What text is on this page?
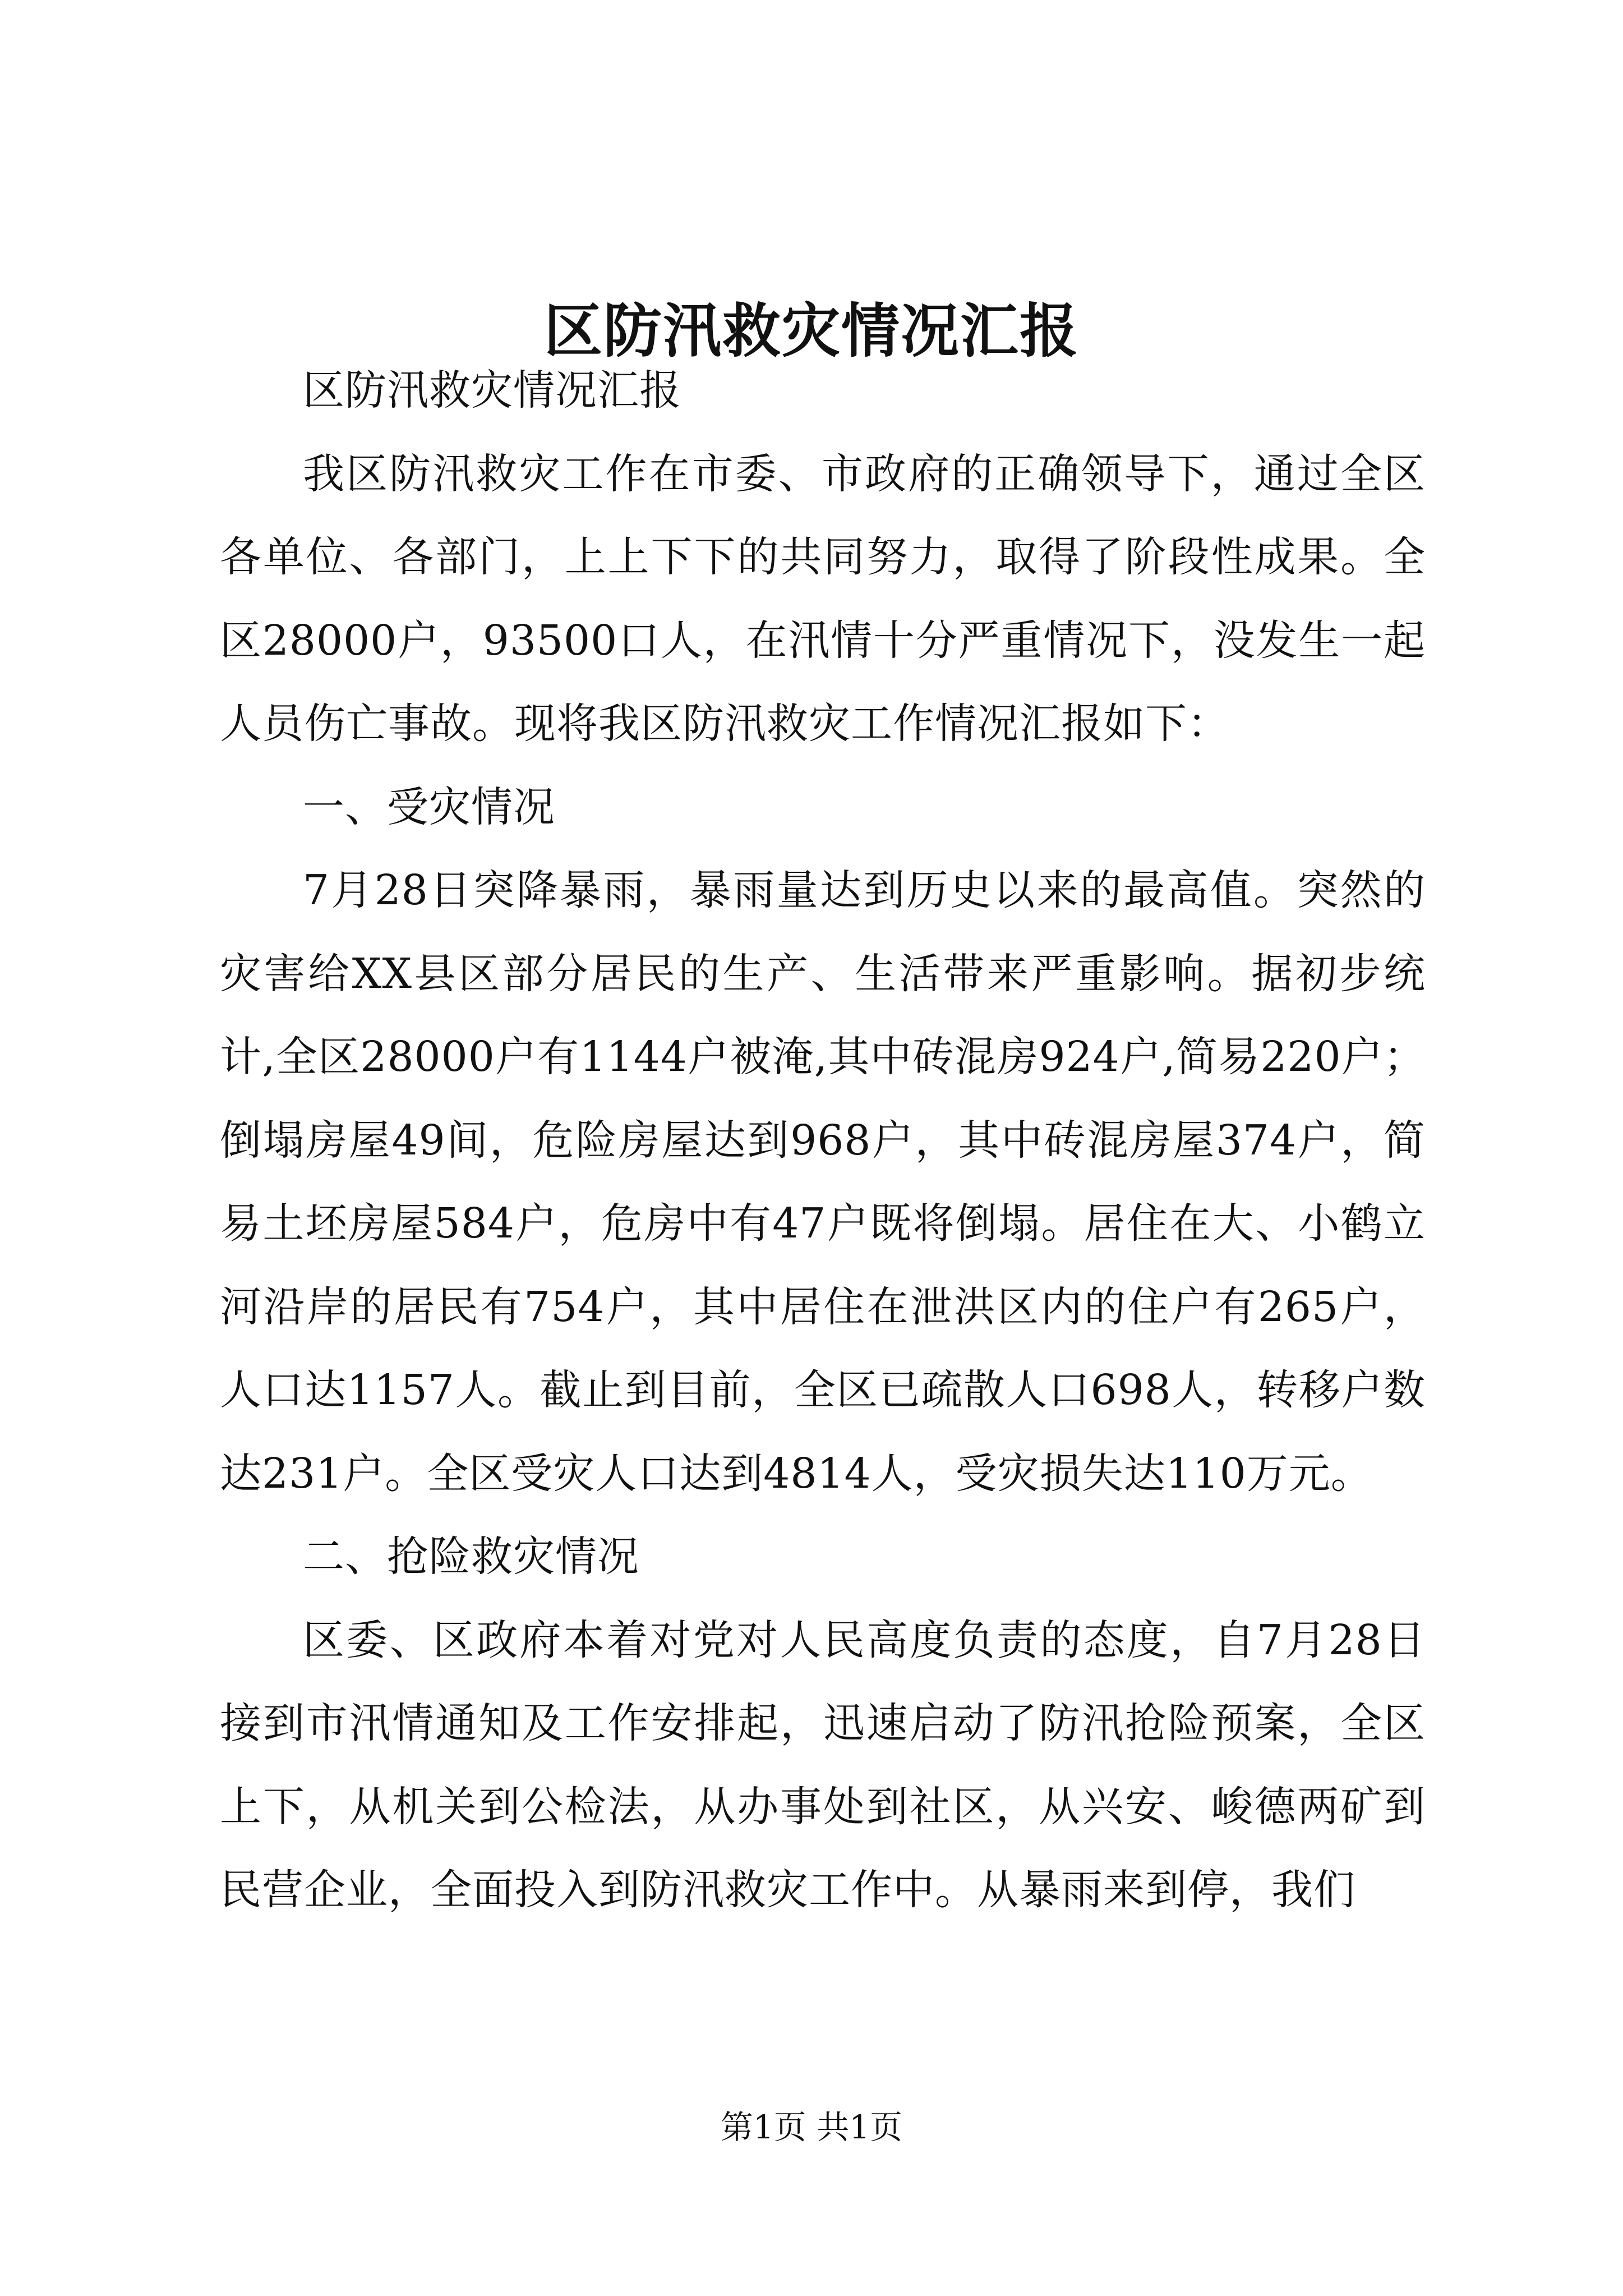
区防汛救灾情况汇报

区防汛救灾情况汇报

我区防汛救灾工作在市委、市政府的正确领导下，通过全区各单位、各部门，上上下下的共同努力，取得了阶段性成果。全区28000户，93500口人，在汛情十分严重情况下，没发生一起人员伤亡事故。现将我区防汛救灾工作情况汇报如下：

一、受灾情况

7月28日突降暴雨，暴雨量达到历史以来的最高值。突然的灾害给XX县区部分居民的生产、生活带来严重影响。据初步统计,全区28000户有1144户被淹,其中砖混房924户,简易220户；倒塌房屋49间，危险房屋达到968户，其中砖混房屋374户，简易土坯房屋584户，危房中有47户既将倒塌。居住在大、小鹤立河沿岸的居民有754户，其中居住在泄洪区内的住户有265户，人口达1157人。截止到目前，全区已疏散人口698人，转移户数达231户。全区受灾人口达到4814人，受灾损失达110万元。

二、抢险救灾情况

区委、区政府本着对党对人民高度负责的态度，自7月28日接到市汛情通知及工作安排起，迅速启动了防汛抢险预案，全区上下，从机关到公检法，从办事处到社区，从兴安、峻德两矿到民营企业，全面投入到防汛救灾工作中。从暴雨来到停，我们

第1页 共1页
